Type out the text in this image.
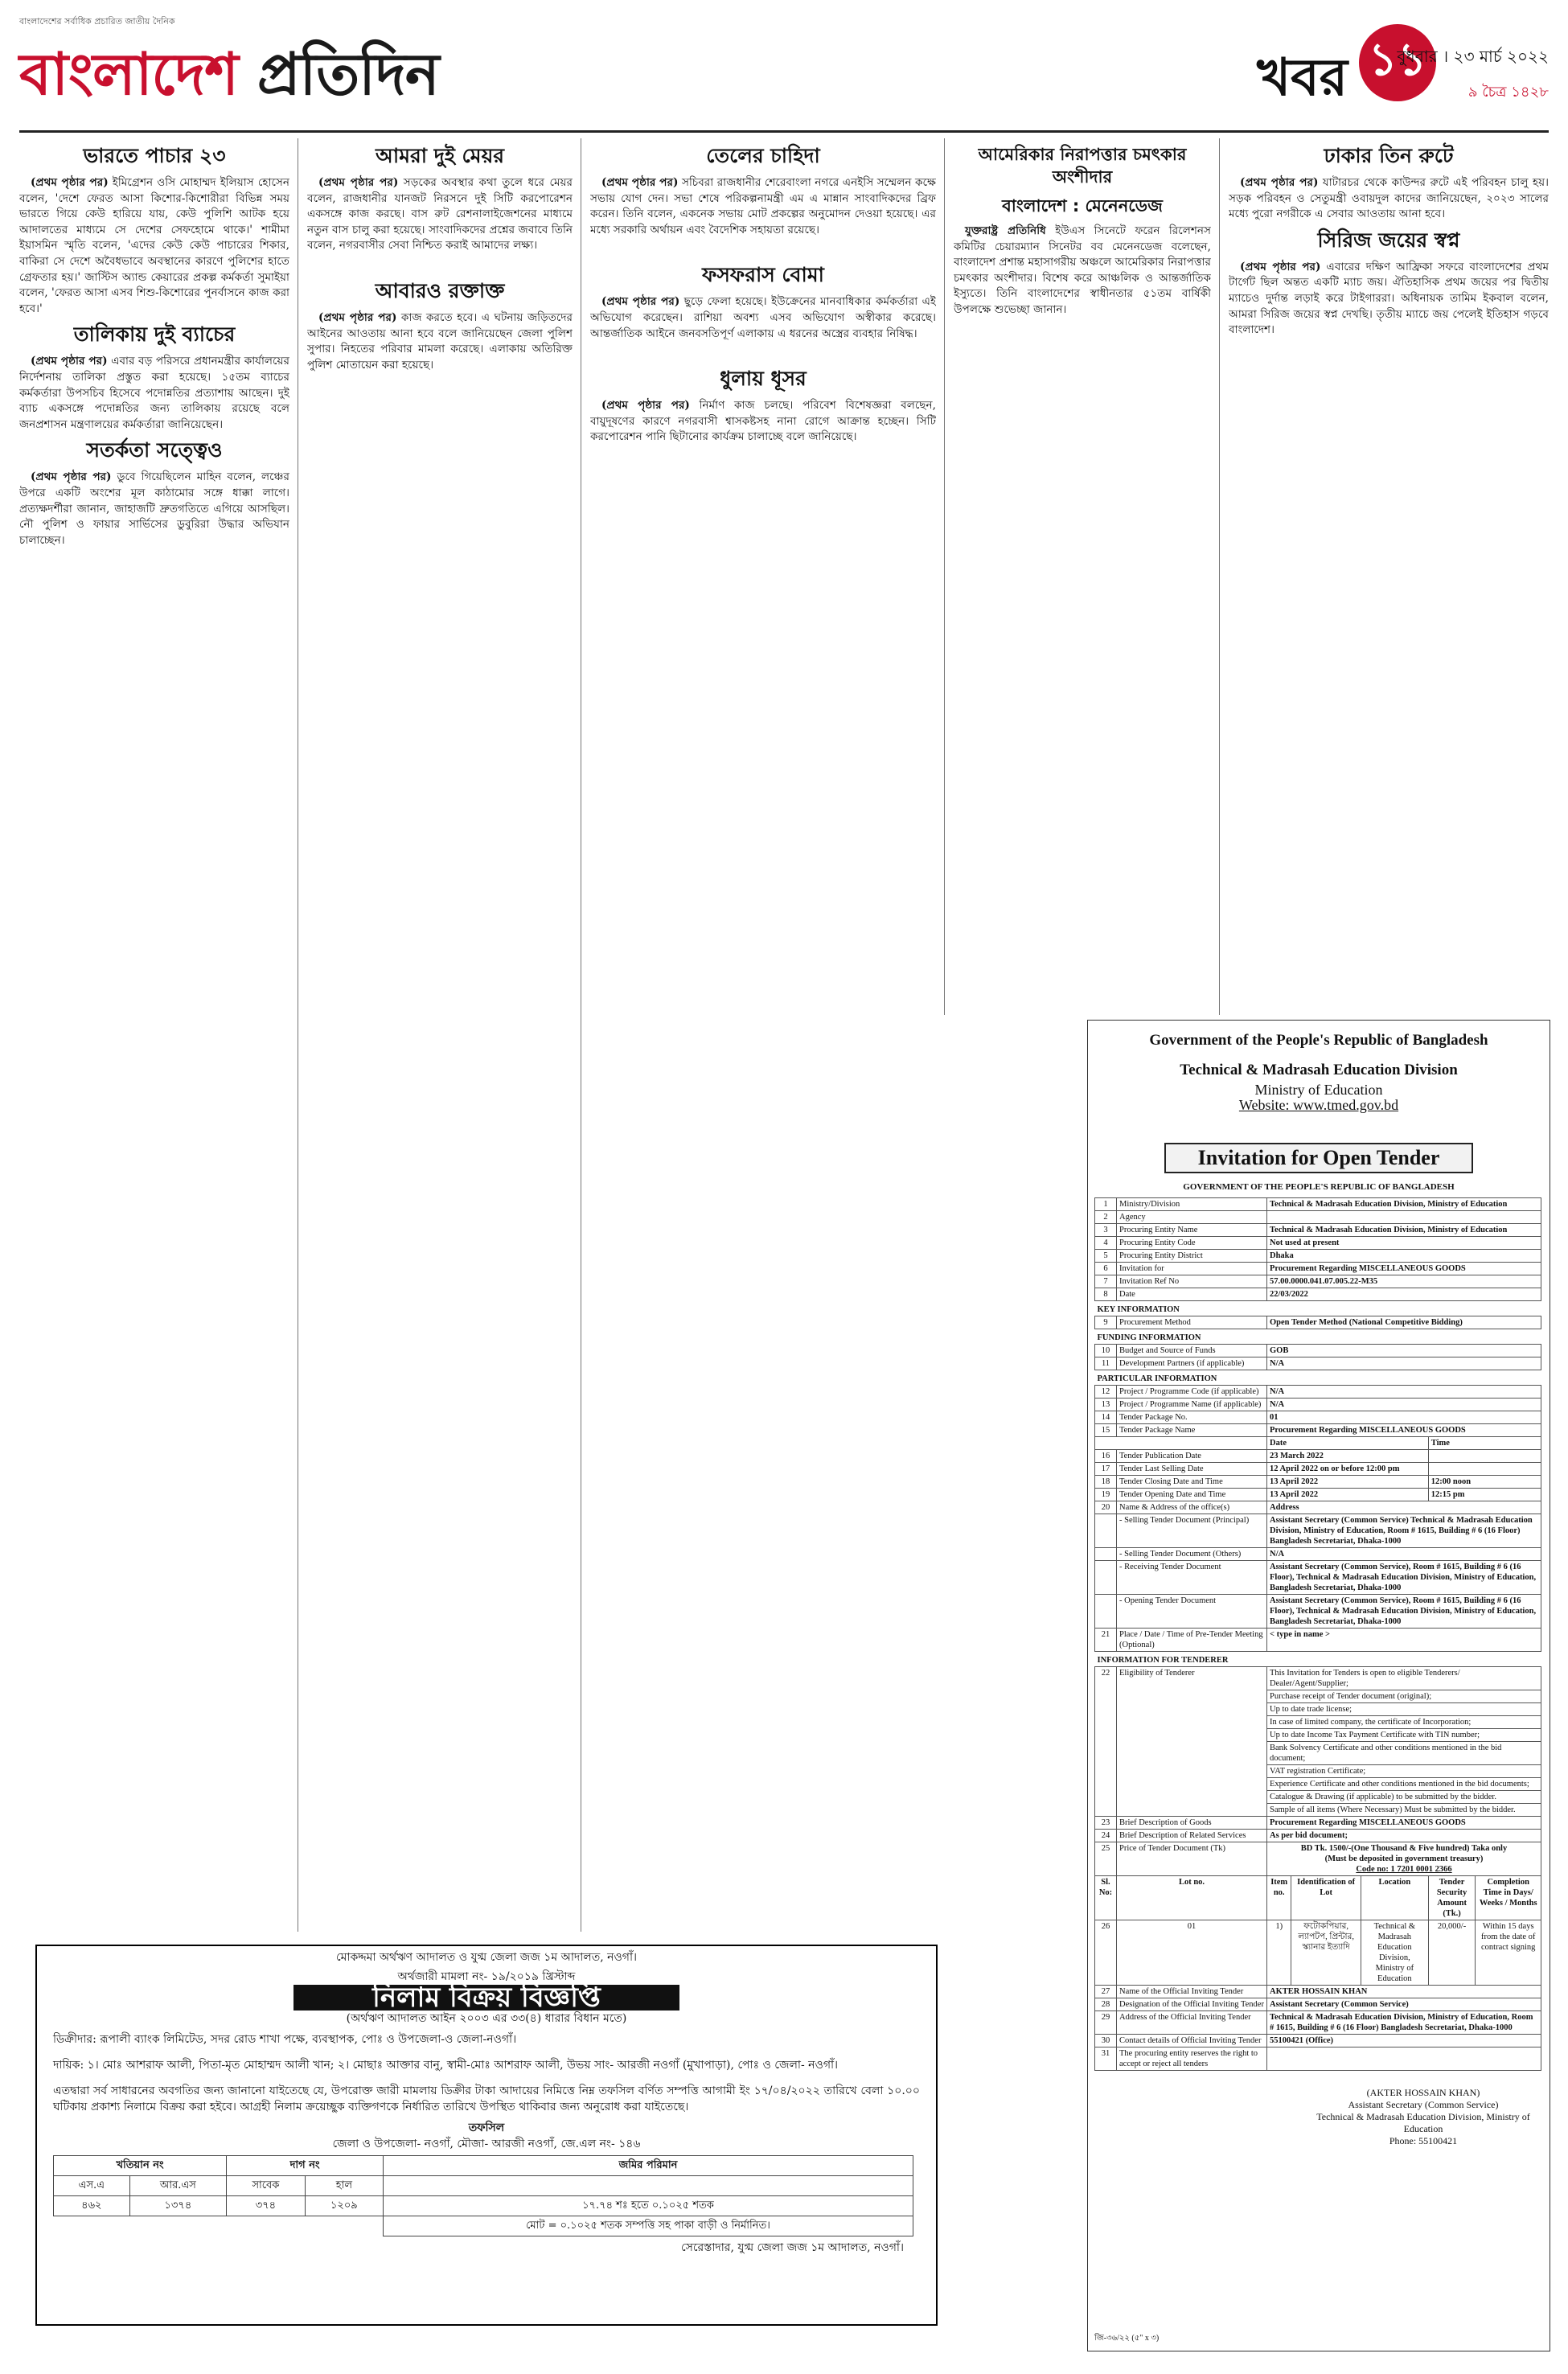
বাংলাদেশের সর্বাধিক প্রচারিত জাতীয় দৈনিক
বাংলাদেশ প্রতিদিন	খবর ১১
বুধবার । ২৩ মার্চ ২০২২
৯ চৈত্র ১৪২৮
ভারতে পাচার ২৩

(প্রথম পৃষ্ঠার পর) ইমিগ্রেশন ওসি মোহাম্মদ ইলিয়াস হোসেন বলেন, 'দেশে ফেরত আসা কিশোর-কিশোরীরা বিভিন্ন সময় ভারতে গিয়ে কেউ হারিয়ে যায়, কেউ পুলিশি আটক হয়ে আদালতের মাধ্যমে সে দেশের সেফহোমে থাকে।' শামীমা ইয়াসমিন স্মৃতি বলেন, 'এদের কেউ কেউ পাচারের শিকার, বাকিরা সে দেশে অবৈধভাবে অবস্থানের কারণে পুলিশের হাতে গ্রেফতার হয়।' জাস্টিস অ্যান্ড কেয়ারের প্রকল্প কর্মকর্তা সুমাইয়া বলেন, 'ফেরত আসা এসব শিশু-কিশোরের পুনর্বাসনে কাজ করা হবে।'

তালিকায় দুই ব্যাচের

(প্রথম পৃষ্ঠার পর) এবার বড় পরিসরে প্রধানমন্ত্রীর কার্যালয়ের নির্দেশনায় তালিকা প্রস্তুত করা হয়েছে। ১৫তম ব্যাচের কর্মকর্তারা উপসচিব হিসেবে পদোন্নতির প্রত্যাশায় আছেন। দুই ব্যাচ একসঙ্গে পদোন্নতির জন্য তালিকায় রয়েছে বলে জনপ্রশাসন মন্ত্রণালয়ের কর্মকর্তারা জানিয়েছেন।

সতর্কতা সত্ত্বেও

(প্রথম পৃষ্ঠার পর) ডুবে গিয়েছিলেন মাহিন বলেন, লঞ্চের উপরে একটি অংশের মূল কাঠামোর সঙ্গে ধাক্কা লাগে। প্রত্যক্ষদর্শীরা জানান, জাহাজটি দ্রুতগতিতে এগিয়ে আসছিল। নৌ পুলিশ ও ফায়ার সার্ভিসের ডুবুরিরা উদ্ধার অভিযান চালাচ্ছেন।

আমরা দুই মেয়র

(প্রথম পৃষ্ঠার পর) সড়কের অবস্থার কথা তুলে ধরে মেয়র বলেন, রাজধানীর যানজট নিরসনে দুই সিটি করপোরেশন একসঙ্গে কাজ করছে। বাস রুট রেশনালাইজেশনের মাধ্যমে নতুন বাস চালু করা হয়েছে। সাংবাদিকদের প্রশ্নের জবাবে তিনি বলেন, নগরবাসীর সেবা নিশ্চিত করাই আমাদের লক্ষ্য।

আবারও রক্তাক্ত

(প্রথম পৃষ্ঠার পর) কাজ করতে হবে। এ ঘটনায় জড়িতদের আইনের আওতায় আনা হবে বলে জানিয়েছেন জেলা পুলিশ সুপার। নিহতের পরিবার মামলা করেছে। এলাকায় অতিরিক্ত পুলিশ মোতায়েন করা হয়েছে।

তেলের চাহিদা

(প্রথম পৃষ্ঠার পর) সচিবরা রাজধানীর শেরেবাংলা নগরে এনইসি সম্মেলন কক্ষে সভায় যোগ দেন। সভা শেষে পরিকল্পনামন্ত্রী এম এ মান্নান সাংবাদিকদের ব্রিফ করেন। তিনি বলেন, একনেক সভায় মোট প্রকল্পের অনুমোদন দেওয়া হয়েছে। এর মধ্যে সরকারি অর্থায়ন এবং বৈদেশিক সহায়তা রয়েছে।

ফসফরাস বোমা

(প্রথম পৃষ্ঠার পর) ছুড়ে ফেলা হয়েছে। ইউক্রেনের মানবাধিকার কর্মকর্তারা এই অভিযোগ করেছেন। রাশিয়া অবশ্য এসব অভিযোগ অস্বীকার করেছে। আন্তর্জাতিক আইনে জনবসতিপূর্ণ এলাকায় এ ধরনের অস্ত্রের ব্যবহার নিষিদ্ধ।

ধুলায় ধূসর

(প্রথম পৃষ্ঠার পর) নির্মাণ কাজ চলছে। পরিবেশ বিশেষজ্ঞরা বলছেন, বায়ুদূষণের কারণে নগরবাসী শ্বাসকষ্টসহ নানা রোগে আক্রান্ত হচ্ছেন। সিটি করপোরেশন পানি ছিটানোর কার্যক্রম চালাচ্ছে বলে জানিয়েছে।

আমেরিকার নিরাপত্তার চমৎকার অংশীদার
বাংলাদেশ : মেনেনডেজ

যুক্তরাষ্ট্র প্রতিনিধি ইউএস সিনেটে ফরেন রিলেশনস কমিটির চেয়ারম্যান সিনেটর বব মেনেনডেজ বলেছেন, বাংলাদেশ প্রশান্ত মহাসাগরীয় অঞ্চলে আমেরিকার নিরাপত্তার চমৎকার অংশীদার। বিশেষ করে আঞ্চলিক ও আন্তর্জাতিক ইস্যুতে। তিনি বাংলাদেশের স্বাধীনতার ৫১তম বার্ষিকী উপলক্ষে শুভেচ্ছা জানান।

ঢাকার তিন রুটে

(প্রথম পৃষ্ঠার পর) যাটারচর থেকে কাউন্দর রুটে এই পরিবহন চালু হয়। সড়ক পরিবহন ও সেতুমন্ত্রী ওবায়দুল কাদের জানিয়েছেন, ২০২৩ সালের মধ্যে পুরো নগরীকে এ সেবার আওতায় আনা হবে।

সিরিজ জয়ের স্বপ্ন

(প্রথম পৃষ্ঠার পর) এবারের দক্ষিণ আফ্রিকা সফরে বাংলাদেশের প্রথম টার্গেট ছিল অন্তত একটি ম্যাচ জয়। ঐতিহাসিক প্রথম জয়ের পর দ্বিতীয় ম্যাচেও দুর্দান্ত লড়াই করে টাইগাররা। অধিনায়ক তামিম ইকবাল বলেন, আমরা সিরিজ জয়ের স্বপ্ন দেখছি। তৃতীয় ম্যাচে জয় পেলেই ইতিহাস গড়বে বাংলাদেশ।

মোকদ্দমা অর্থঋণ আদালত ও যুগ্ম জেলা জজ ১ম আদালত, নওগাঁ।
অর্থজারী মামলা নং- ১৯/২০১৯ খ্রিস্টাব্দ
নিলাম বিক্রয় বিজ্ঞপ্তি
(অর্থঋণ আদালত আইন ২০০৩ এর ৩৩(৪) ধারার বিধান মতে)
ডিক্রীদার: রূপালী ব্যাংক লিমিটেড, সদর রোড শাখা পক্ষে, ব্যবস্থাপক, পোঃ ও উপজেলা-ও জেলা-নওগাঁ।
দায়িক: ১। মোঃ আশরাফ আলী, পিতা-মৃত মোহাম্মদ আলী খান; ২। মোছাঃ আক্তার বানু, স্বামী-মোঃ আশরাফ আলী, উভয় সাং- আরজী নওগাঁ (মুখাপাড়া), পোঃ ও জেলা- নওগাঁ।
এতদ্বারা সর্ব সাধারনের অবগতির জন্য জানানো যাইতেছে যে, উপরোক্ত জারী মামলায় ডিক্রীর টাকা আদায়ের নিমিত্তে নিম্ন তফসিল বর্ণিত সম্পত্তি আগামী ইং ১৭/০৪/২০২২ তারিখে বেলা ১০.০০ ঘটিকায় প্রকাশ্য নিলামে বিক্রয় করা হইবে। আগ্রহী নিলাম ক্রয়েচ্ছুক ব্যক্তিগণকে নির্ধারিত তারিখে উপস্থিত থাকিবার জন্য অনুরোধ করা যাইতেছে।
তফসিল
জেলা ও উপজেলা- নওগাঁ, মৌজা- আরজী নওগাঁ, জে.এল নং- ১৪৬
খতিয়ান নং		দাগ নং		জমির পরিমান
এস.এ	আর.এস	সাবেক	হাল	
৪৬২	১৩৭৪	৩৭৪	১২০৯	১৭.৭৪ শঃ হতে ০.১০২৫ শতক
				মোট = ০.১০২৫ শতক সম্পত্তি সহ পাকা বাড়ী ও নির্মানিত।
সেরেস্তাদার, যুগ্ম জেলা জজ ১ম আদালত, নওগাঁ।
Government of the People's Republic of Bangladesh
Technical & Madrasah Education Division
Ministry of Education
Website: www.tmed.gov.bd
Invitation for Open Tender
GOVERNMENT OF THE PEOPLE'S REPUBLIC OF BANGLADESH
1	Ministry/Division	Technical & Madrasah Education Division, Ministry of Education				
2	Agency					
3	Procuring Entity Name	Technical & Madrasah Education Division, Ministry of Education				
4	Procuring Entity Code	Not used at present				
5	Procuring Entity District	Dhaka				
6	Invitation for	Procurement Regarding MISCELLANEOUS GOODS				
7	Invitation Ref No	57.00.0000.041.07.005.22-M35				
8	Date	22/03/2022				
KEY INFORMATION						
9	Procurement Method	Open Tender Method (National Competitive Bidding)				
FUNDING INFORMATION						
10	Budget and Source of Funds	GOB				
11	Development Partners (if applicable)	N/A				
PARTICULAR INFORMATION						
12	Project / Programme Code (if applicable)	N/A				
13	Project / Programme Name (if applicable)	N/A				
14	Tender Package No.	01				
15	Tender Package Name	Procurement Regarding MISCELLANEOUS GOODS				
		Date			Time	
16	Tender Publication Date	23 March 2022				
17	Tender Last Selling Date	12 April 2022 on or before 12:00 pm				
18	Tender Closing Date and Time	13 April 2022			12:00 noon	
19	Tender Opening Date and Time	13 April 2022			12:15 pm	
20	Name & Address of the office(s)	Address				
	- Selling Tender Document (Principal)	Assistant Secretary (Common Service) Technical & Madrasah Education Division, Ministry of Education, Room # 1615, Building # 6 (16 Floor) Bangladesh Secretariat, Dhaka-1000				
	- Selling Tender Document (Others)	N/A				
	- Receiving Tender Document	Assistant Secretary (Common Service), Room # 1615, Building # 6 (16 Floor), Technical & Madrasah Education Division, Ministry of Education, Bangladesh Secretariat, Dhaka-1000				
	- Opening Tender Document	Assistant Secretary (Common Service), Room # 1615, Building # 6 (16 Floor), Technical & Madrasah Education Division, Ministry of Education, Bangladesh Secretariat, Dhaka-1000				
21	Place / Date / Time of Pre-Tender Meeting (Optional)	< type in name >				
INFORMATION FOR TENDERER						
22	Eligibility of Tenderer	This Invitation for Tenders is open to eligible Tenderers/ Dealer/Agent/Supplier;				
		Purchase receipt of Tender document (original);				
		Up to date trade license;				
		In case of limited company, the certificate of Incorporation;				
		Up to date Income Tax Payment Certificate with TIN number;				
		Bank Solvency Certificate and other conditions mentioned in the bid document;				
		VAT registration Certificate;				
		Experience Certificate and other conditions mentioned in the bid documents;				
		Catalogue & Drawing (if applicable) to be submitted by the bidder.				
		Sample of all items (Where Necessary) Must be submitted by the bidder.				
23	Brief Description of Goods	Procurement Regarding MISCELLANEOUS GOODS				
24	Brief Description of Related Services	As per bid document;				
25	Price of Tender Document (Tk)	BD Tk. 1500/-(One Thousand & Five hundred) Taka only
(Must be deposited in government treasury)
Code no: 1 7201 0001 2366				

Sl. No:	Lot no.	Item no.	Identification of Lot	Location	Tender Security Amount (Tk.)	Completion Time in Days/ Weeks / Months
26	01	1)	ফটোকপিয়ার, ল্যাপটপ, প্রিন্টার, স্ক্যানার ইত্যাদি	Technical & Madrasah Education Division, Ministry of Education	20,000/-	Within 15 days from the date of contract signing
27	Name of the Official Inviting Tender	AKTER HOSSAIN KHAN				
28	Designation of the Official Inviting Tender	Assistant Secretary (Common Service)				
29	Address of the Official Inviting Tender	Technical & Madrasah Education Division, Ministry of Education, Room # 1615, Building # 6 (16 Floor) Bangladesh Secretariat, Dhaka-1000				
30	Contact details of Official Inviting Tender	55100421 (Office)				
31	The procuring entity reserves the right to accept or reject all tenders					
(AKTER HOSSAIN KHAN)
Assistant Secretary (Common Service)
Technical & Madrasah Education Division, Ministry of Education
Phone: 55100421
জি-৩৬/২২ (৫" x ৩)
